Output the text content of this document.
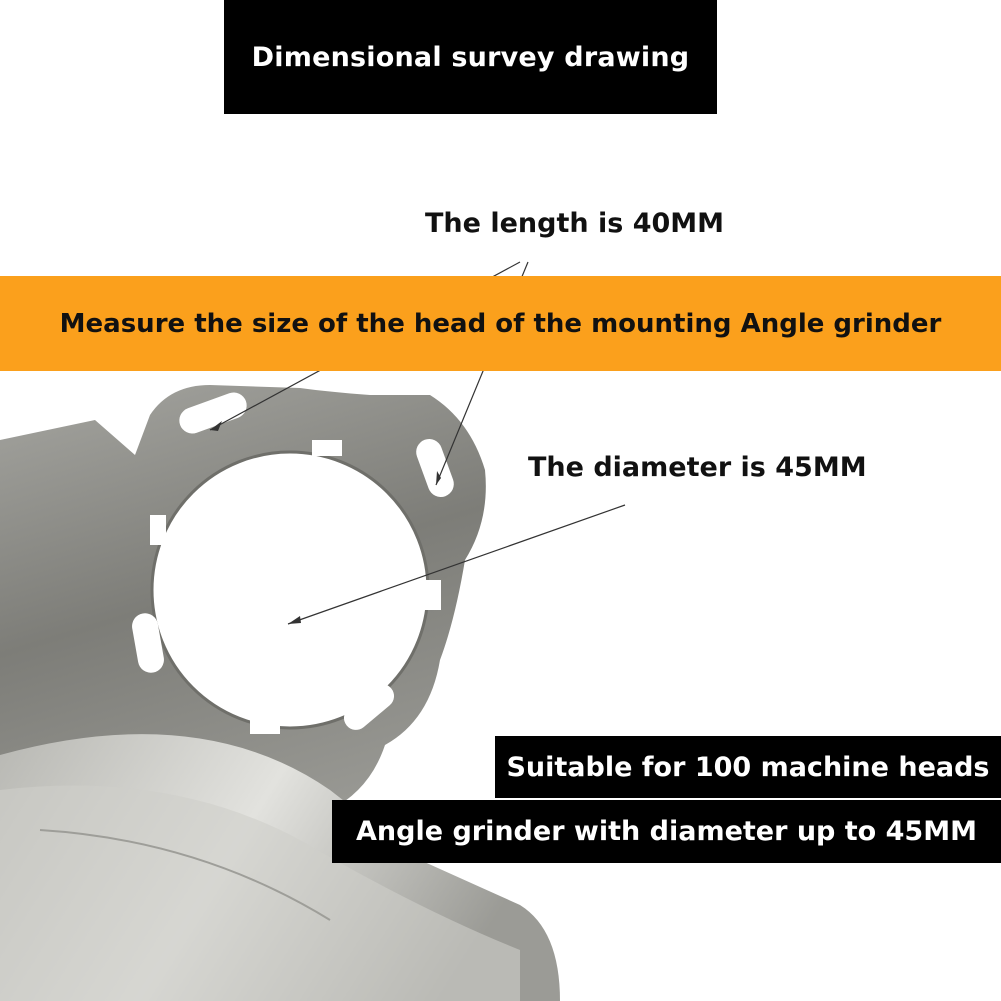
Dimensional survey drawing
The length is 40MM
Measure the size of the head of the mounting Angle grinder
The diameter is 45MM
Suitable for 100 machine heads
Angle grinder with diameter up to 45MM
